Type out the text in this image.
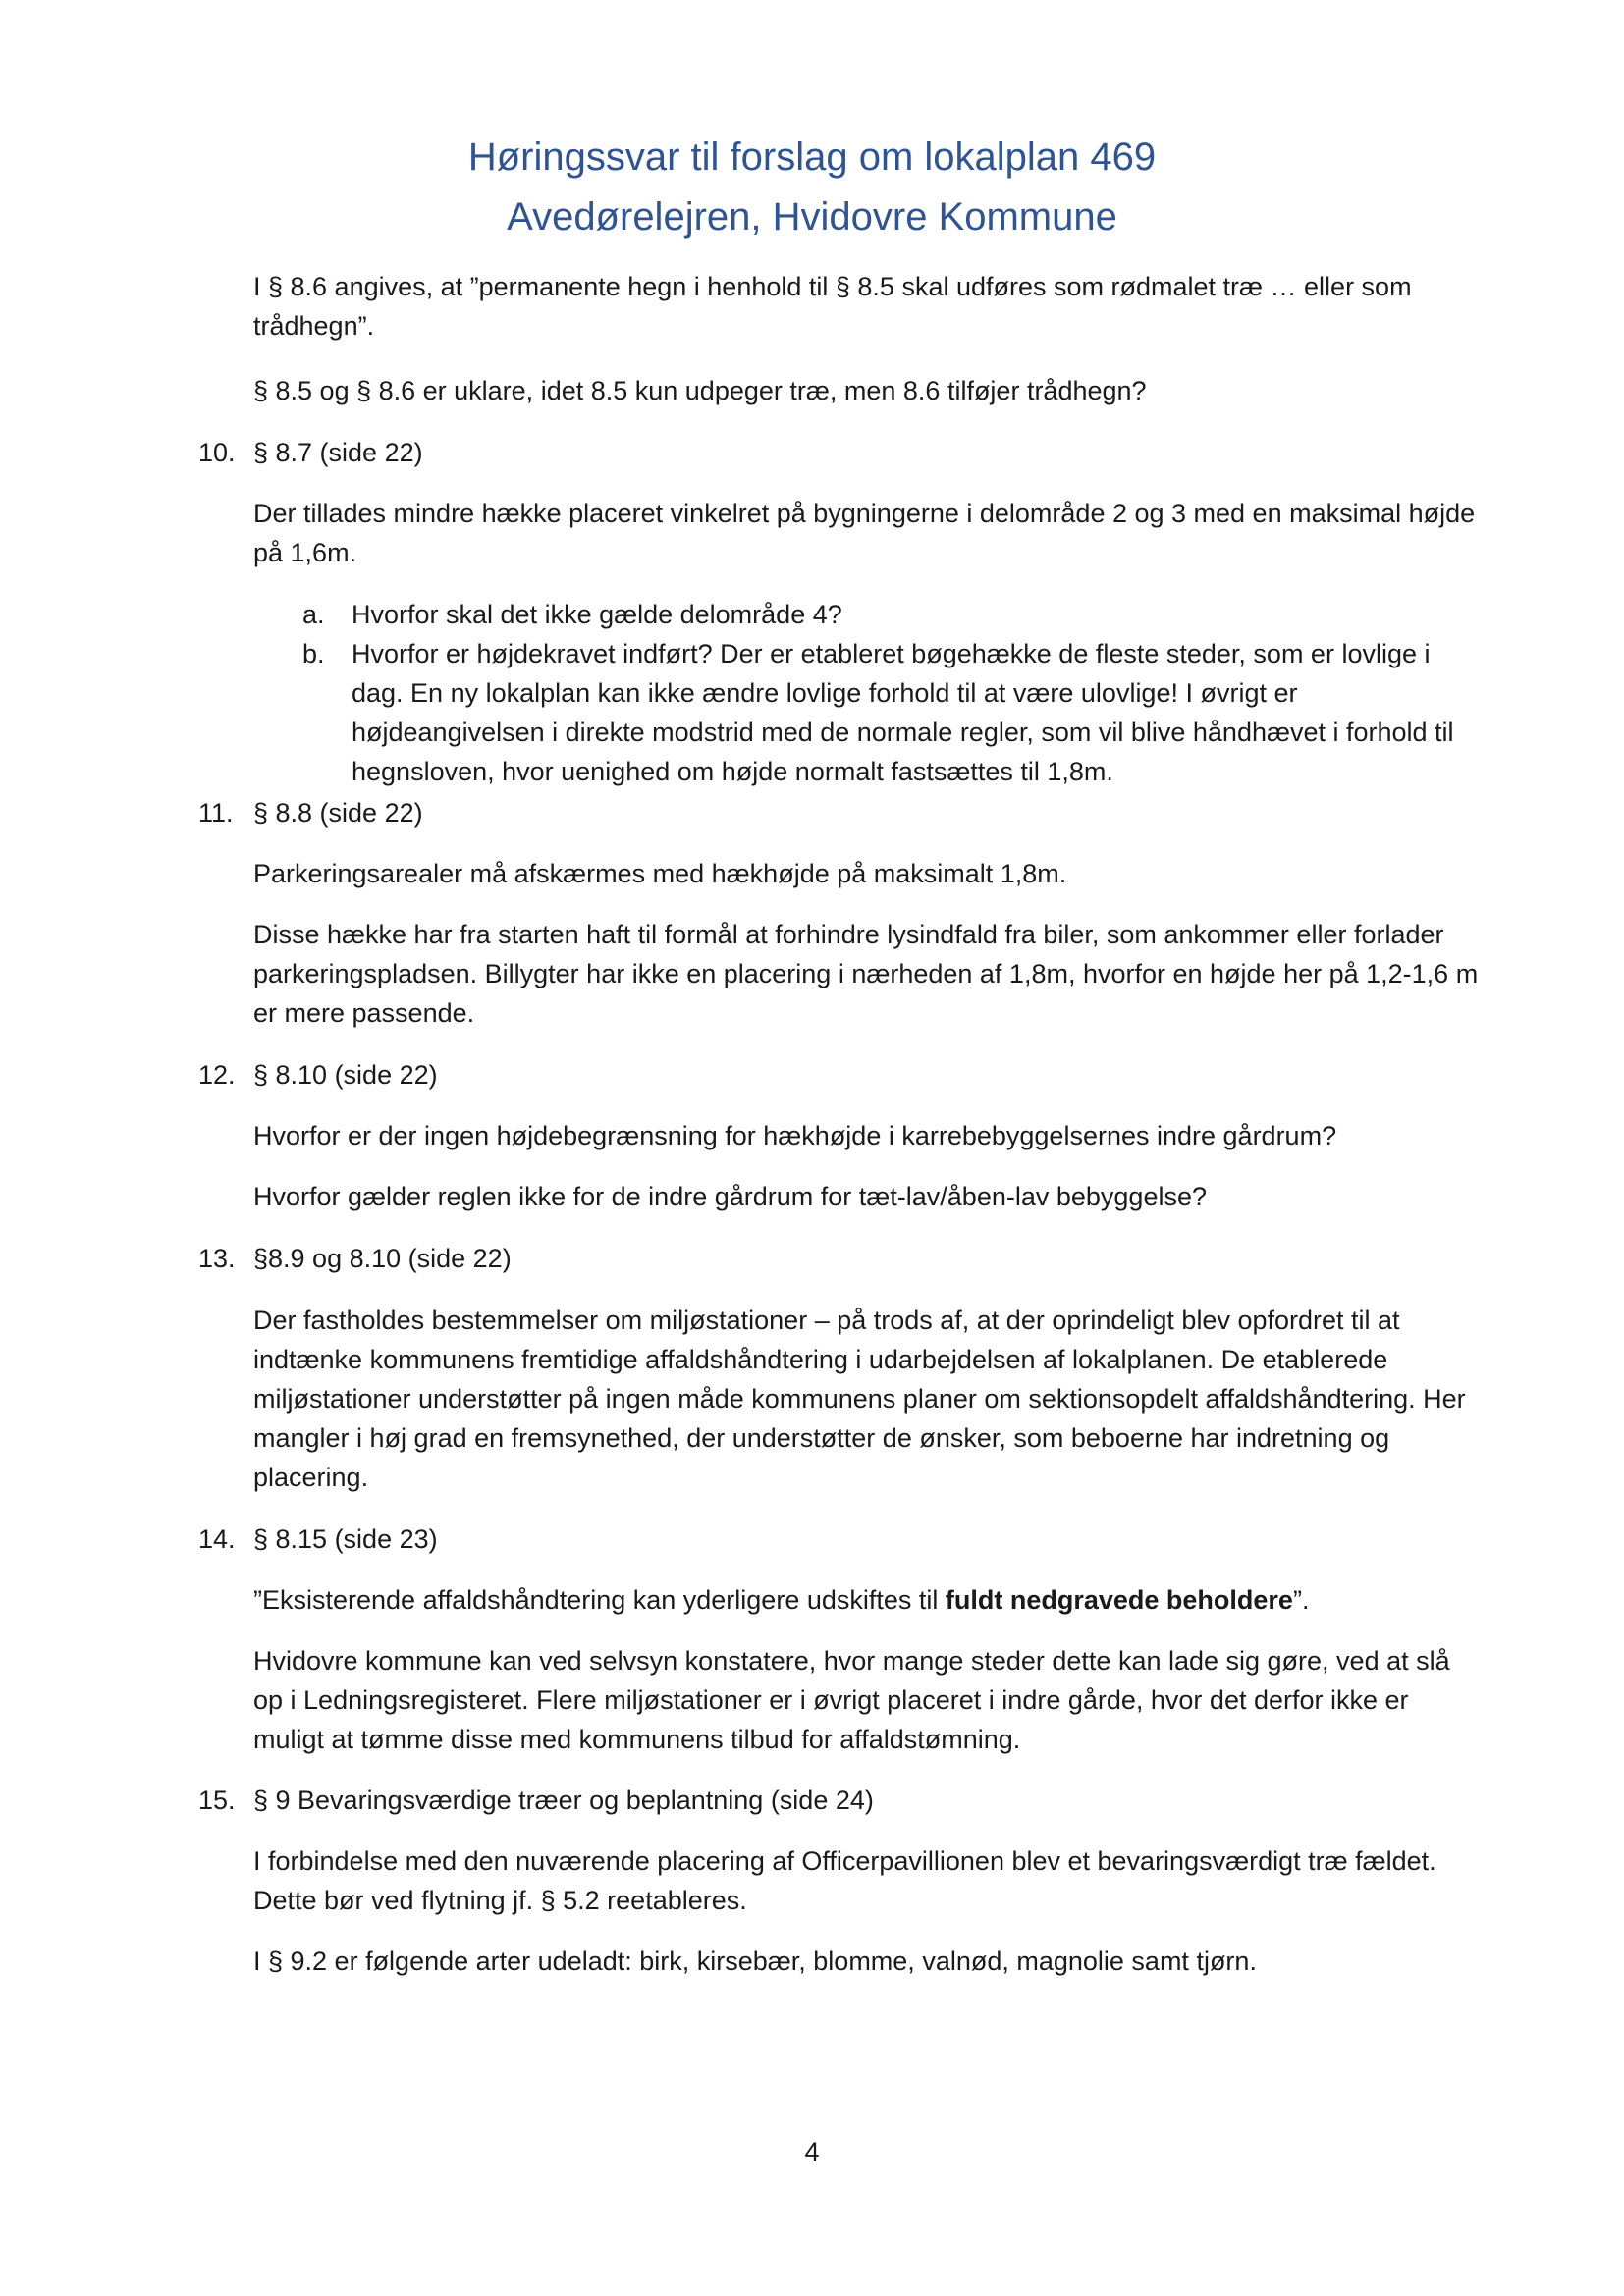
Høringssvar til forslag om lokalplan 469
Avedørelejren, Hvidovre Kommune
I § 8.6 angives, at ”permanente hegn i henhold til § 8.5 skal udføres som rødmalet træ … eller som trådhegn”.
§ 8.5 og § 8.6 er uklare, idet 8.5 kun udpeger træ, men 8.6 tilføjer trådhegn?
10. § 8.7 (side 22)
Der tillades mindre hække placeret vinkelret på bygningerne i delområde 2 og 3 med en maksimal højde på 1,6m.
a.	Hvorfor skal det ikke gælde delområde 4?
b.	Hvorfor er højdekravet indført? Der er etableret bøgehække de fleste steder, som er lovlige i dag. En ny lokalplan kan ikke ændre lovlige forhold til at være ulovlige! I øvrigt er højdeangivelsen i direkte modstrid med de normale regler, som vil blive håndhævet i forhold til hegnsloven, hvor uenighed om højde normalt fastsættes til 1,8m.
11. § 8.8 (side 22)
Parkeringsarealer må afskærmes med hækhøjde på maksimalt 1,8m.
Disse hække har fra starten haft til formål at forhindre lysindfald fra biler, som ankommer eller forlader parkeringspladsen. Billygter har ikke en placering i nærheden af 1,8m, hvorfor en højde her på 1,2-1,6 m er mere passende.
12. § 8.10 (side 22)
Hvorfor er der ingen højdebegrænsning for hækhøjde i karrebebyggelsernes indre gårdrum?
Hvorfor gælder reglen ikke for de indre gårdrum for tæt-lav/åben-lav bebyggelse?
13. §8.9 og 8.10 (side 22)
Der fastholdes bestemmelser om miljøstationer – på trods af, at der oprindeligt blev opfordret til at indtænke kommunens fremtidige affaldshåndtering i udarbejdelsen af lokalplanen. De etablerede miljøstationer understøtter på ingen måde kommunens planer om sektionsopdelt affaldshåndtering. Her mangler i høj grad en fremsynethed, der understøtter de ønsker, som beboerne har indretning og placering.
14. § 8.15 (side 23)
”Eksisterende affaldshåndtering kan yderligere udskiftes til fuldt nedgravede beholdere”.
Hvidovre kommune kan ved selvsyn konstatere, hvor mange steder dette kan lade sig gøre, ved at slå op i Ledningsregisteret. Flere miljøstationer er i øvrigt placeret i indre gårde, hvor det derfor ikke er muligt at tømme disse med kommunens tilbud for affaldstømning.
15. § 9 Bevaringsværdige træer og beplantning (side 24)
I forbindelse med den nuværende placering af Officerpavillionen blev et bevaringsværdigt træ fældet. Dette bør ved flytning jf. § 5.2 reetableres.
I § 9.2 er følgende arter udeladt: birk, kirsebær, blomme, valnød, magnolie samt tjørn.
4
